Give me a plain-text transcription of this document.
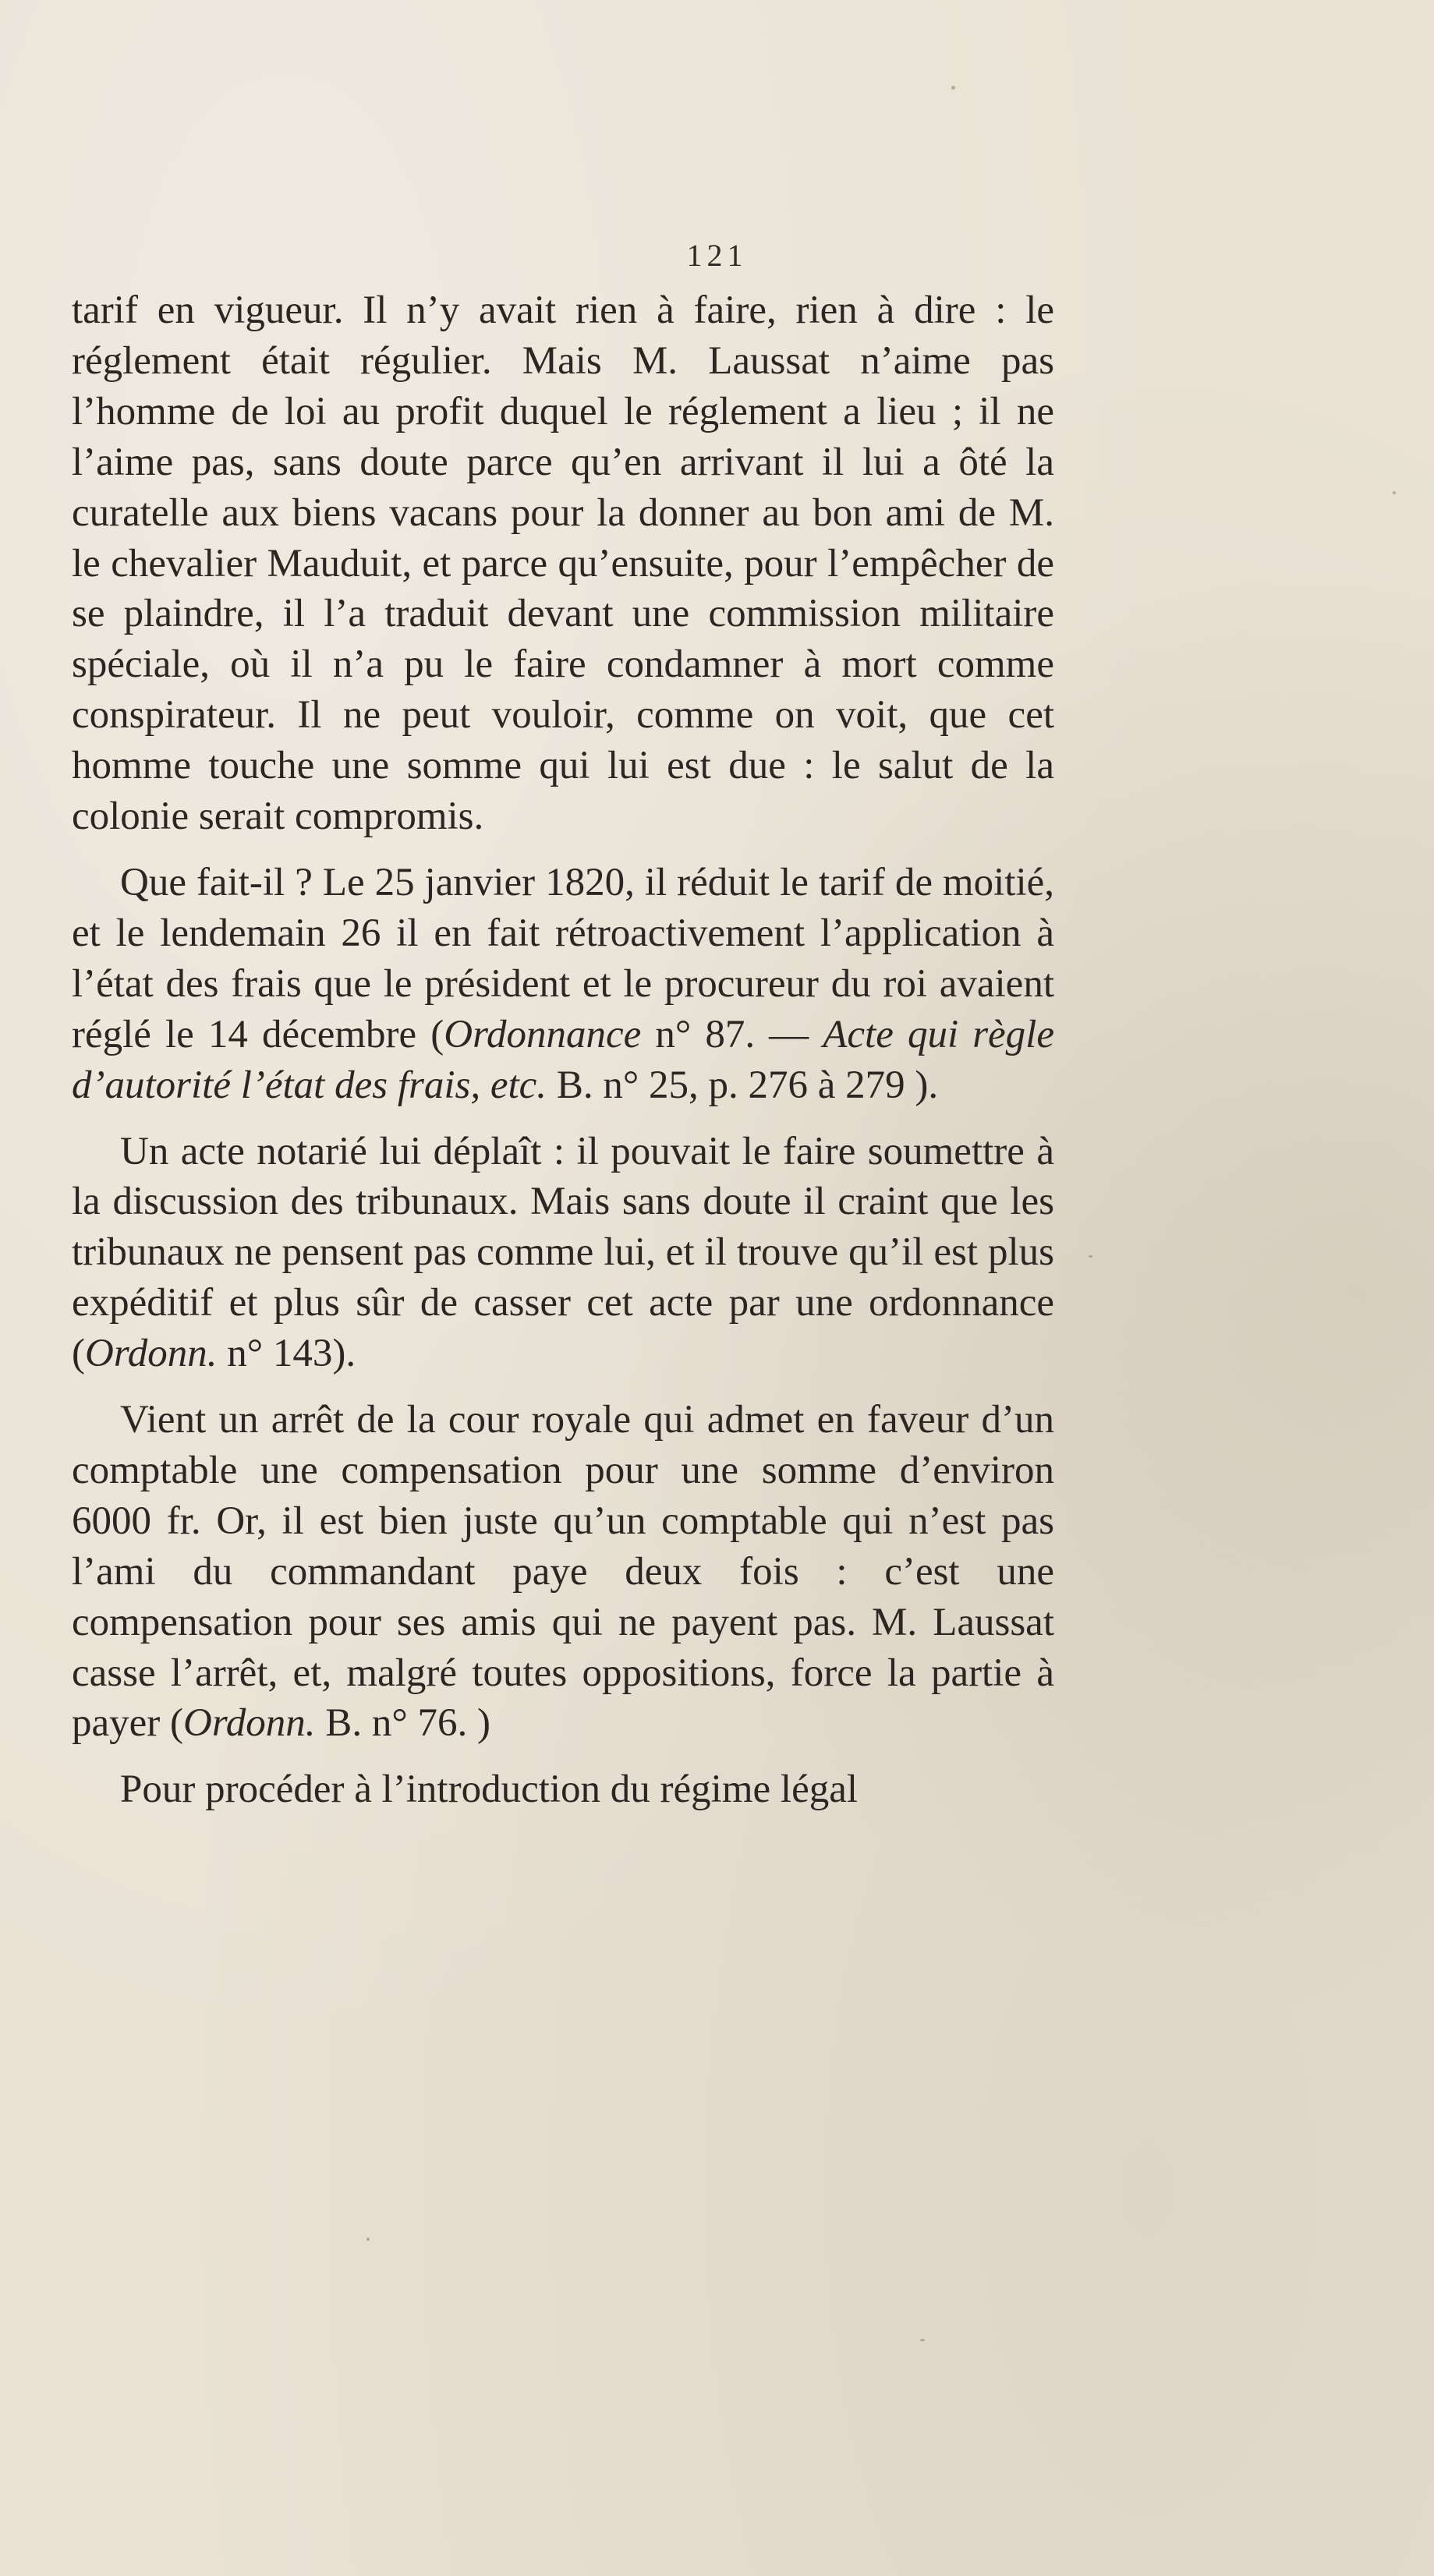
121

tarif en vigueur. Il n’y avait rien à faire, rien à dire : le réglement était régulier. Mais M. Laussat n’aime pas l’homme de loi au profit duquel le réglement a lieu ; il ne l’aime pas, sans doute parce qu’en arrivant il lui a ôté la curatelle aux biens vacans pour la donner au bon ami de M. le chevalier Mauduit, et parce qu’ensuite, pour l’empêcher de se plaindre, il l’a traduit devant une commission militaire spéciale, où il n’a pu le faire condamner à mort comme conspirateur. Il ne peut vouloir, comme on voit, que cet homme touche une somme qui lui est due : le salut de la colonie serait compromis.

Que fait-il ? Le 25 janvier 1820, il réduit le tarif de moitié, et le lendemain 26 il en fait rétroactivement l’application à l’état des frais que le président et le procureur du roi avaient réglé le 14 décembre (Ordonnance n° 87. — Acte qui règle d’autorité l’état des frais, etc. B. n° 25, p. 276 à 279 ).

Un acte notarié lui déplaît : il pouvait le faire soumettre à la discussion des tribunaux. Mais sans doute il craint que les tribunaux ne pensent pas comme lui, et il trouve qu’il est plus expéditif et plus sûr de casser cet acte par une ordonnance (Ordonn. n° 143).

Vient un arrêt de la cour royale qui admet en faveur d’un comptable une compensation pour une somme d’environ 6000 fr. Or, il est bien juste qu’un comptable qui n’est pas l’ami du commandant paye deux fois : c’est une compensation pour ses amis qui ne payent pas. M. Laussat casse l’arrêt, et, malgré toutes oppositions, force la partie à payer (Ordonn. B. n° 76. )

Pour procéder à l’introduction du régime légal
